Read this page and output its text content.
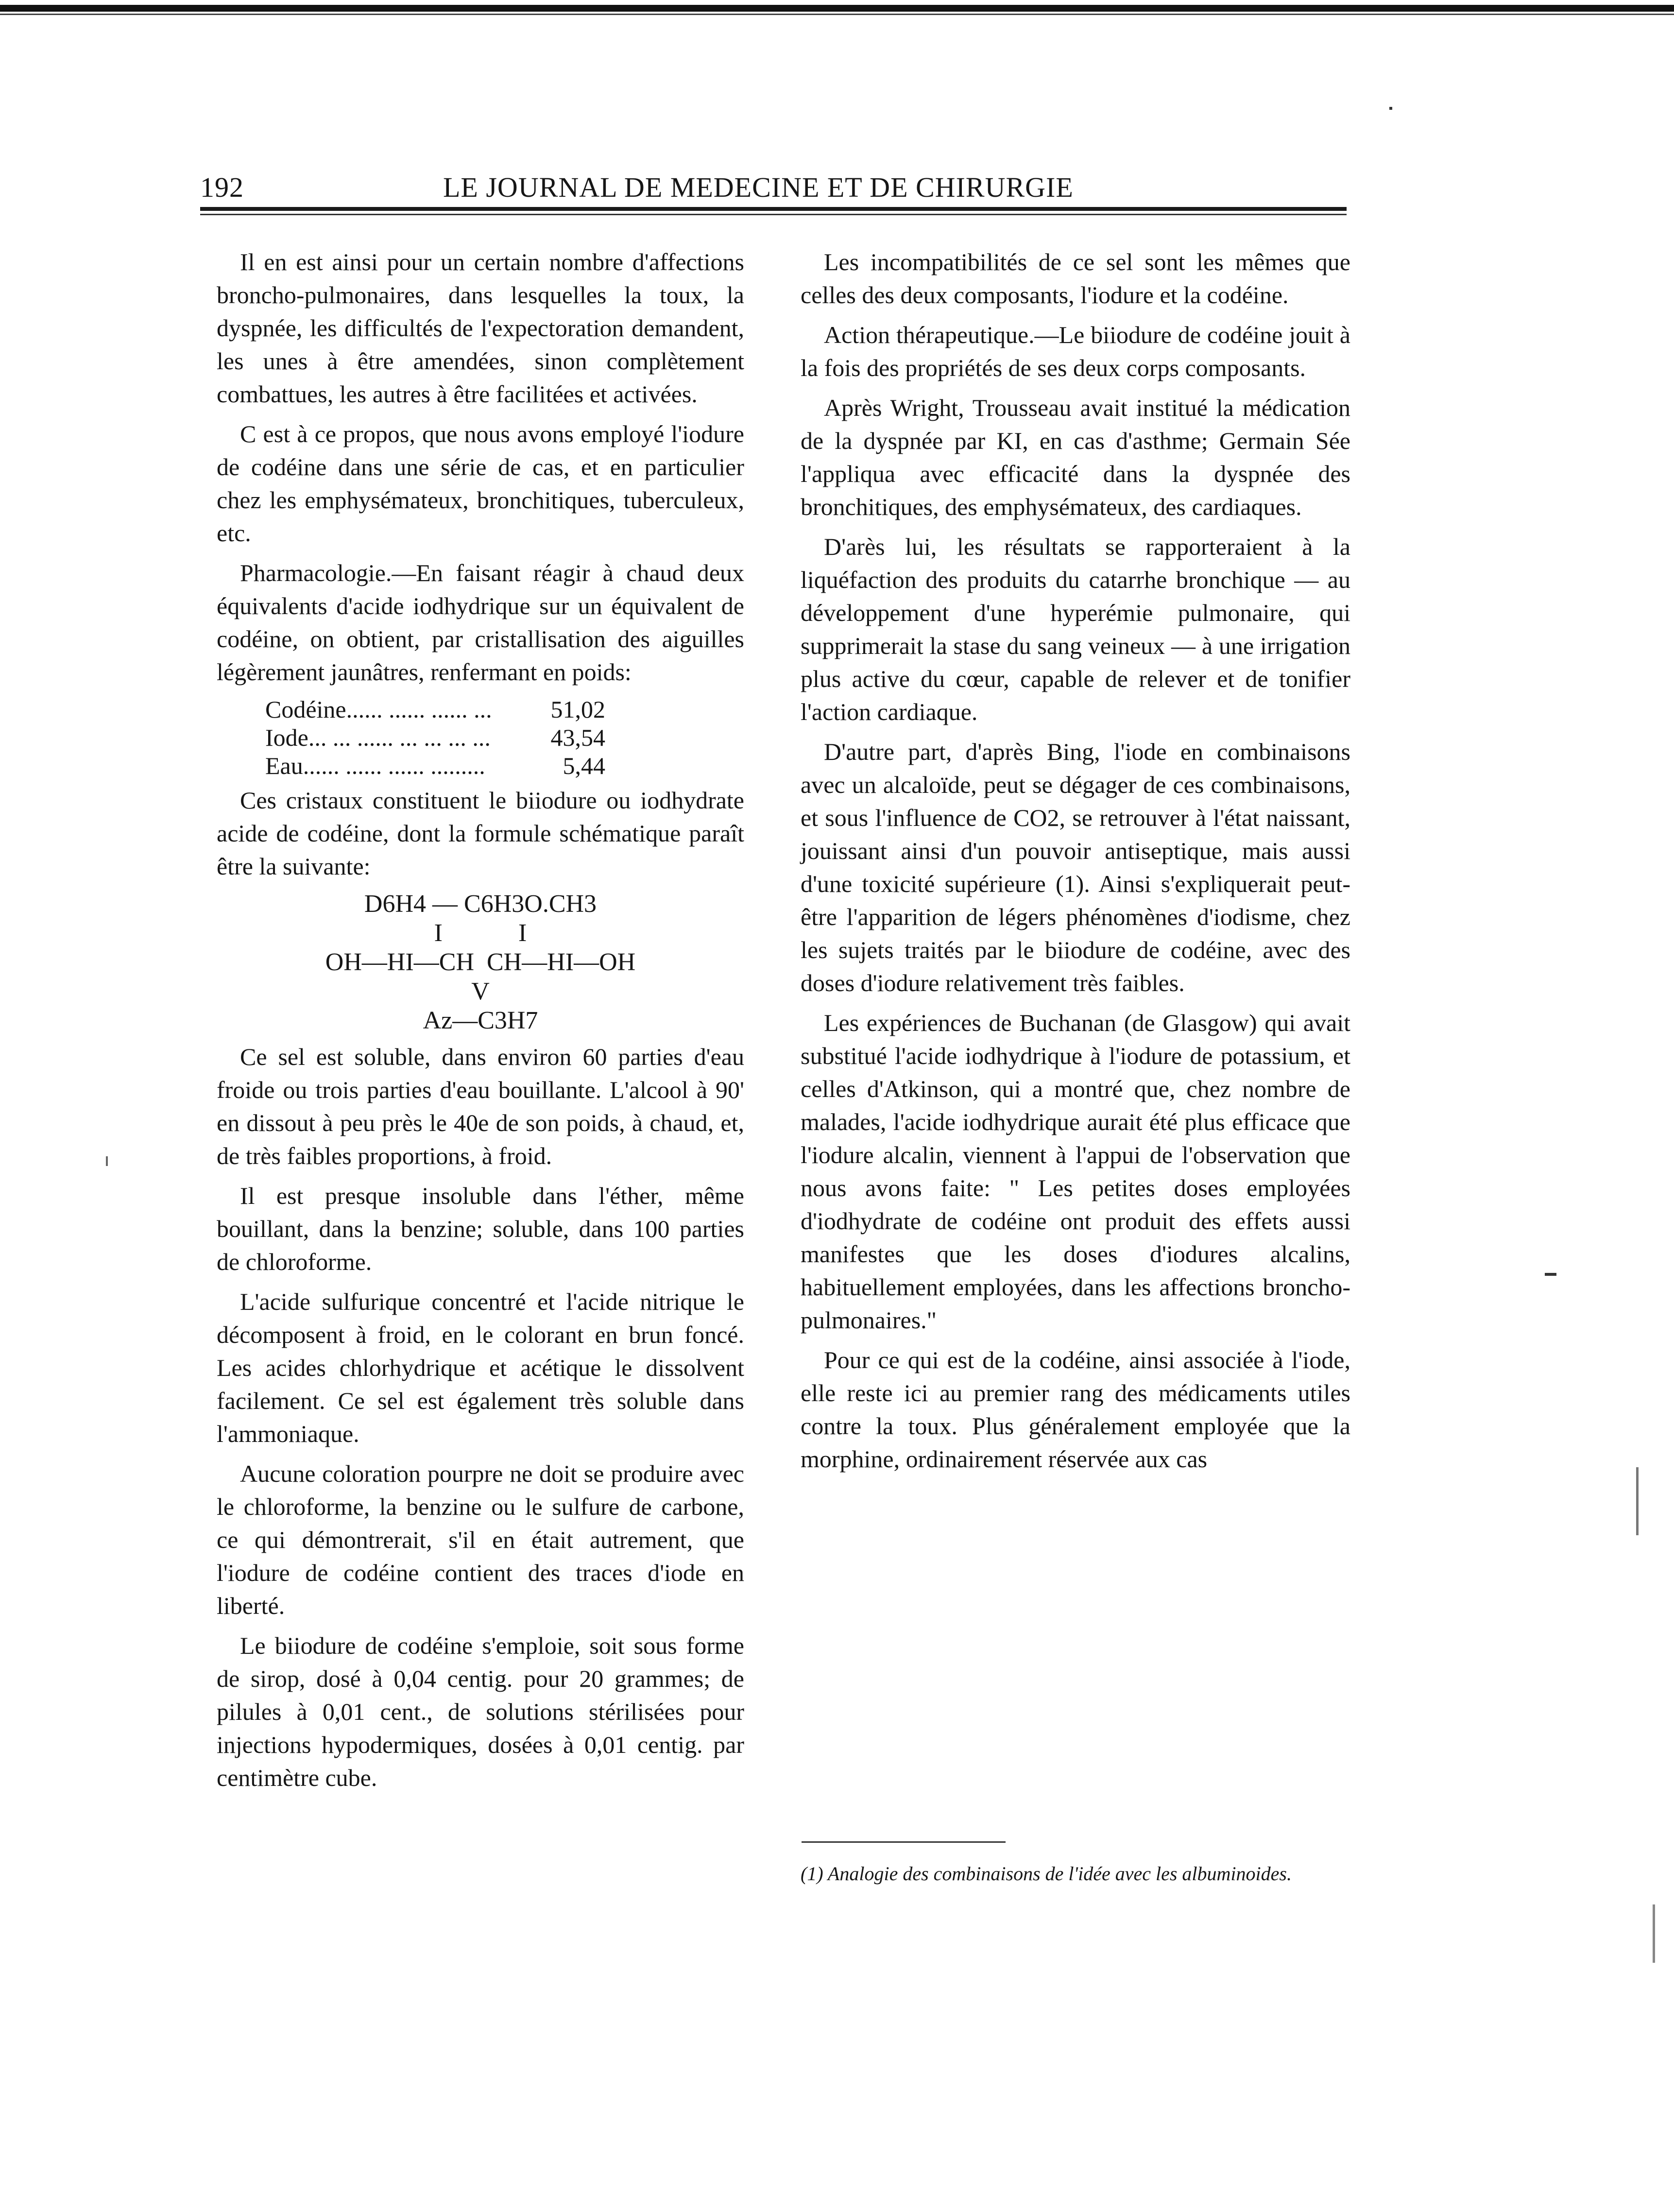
192	LE JOURNAL DE MEDECINE ET DE CHIRURGIE

Il en est ainsi pour un certain nombre d'affections broncho-pulmonaires, dans lesquelles la toux, la dyspnée, les difficultés de l'expectoration demandent, les unes à être amendées, sinon complètement combattues, les autres à être facilitées et activées.

C est à ce propos, que nous avons employé l'iodure de codéine dans une série de cas, et en particulier chez les emphysémateux, bronchitiques, tuberculeux, etc.

Pharmacologie.—En faisant réagir à chaud deux équivalents d'acide iodhydrique sur un équivalent de codéine, on obtient, par cristallisation des aiguilles légèrement jaunâtres, renfermant en poids:

Codéine...... ...... ...... ... 51,02
Iode... ... ...... ... ... ... ... 43,54
Eau...... ...... ...... .........	5,44

Ces cristaux constituent le biiodure ou iodhydrate acide de codéine, dont la formule schématique paraît être la suivante:

D6H4 — C6H3O.CH3
I            I
OH—HI—CH  CH—HI—OH
V
Az—C3H7

Ce sel est soluble, dans environ 60 parties d'eau froide ou trois parties d'eau bouillante. L'alcool à 90' en dissout à peu près le 40e de son poids, à chaud, et, de très faibles proportions, à froid.

Il est presque insoluble dans l'éther, même bouillant, dans la benzine; soluble, dans 100 parties de chloroforme.

L'acide sulfurique concentré et l'acide nitrique le décomposent à froid, en le colorant en brun foncé. Les acides chlorhydrique et acétique le dissolvent facilement. Ce sel est également très soluble dans l'ammoniaque.

Aucune coloration pourpre ne doit se produire avec le chloroforme, la benzine ou le sulfure de carbone, ce qui démontrerait, s'il en était autrement, que l'iodure de codéine contient des traces d'iode en liberté.

Le biiodure de codéine s'emploie, soit sous forme de sirop, dosé à 0,04 centig. pour 20 grammes; de pilules à 0,01 cent., de solutions stérilisées pour injections hypodermiques, dosées à 0,01 centig. par centimètre cube.

Les incompatibilités de ce sel sont les mêmes que celles des deux composants, l'iodure et la codéine.

Action thérapeutique.—Le biiodure de codéine jouit à la fois des propriétés de ses deux corps composants.

Après Wright, Trousseau avait institué la médication de la dyspnée par KI, en cas d'asthme; Germain Sée l'appliqua avec efficacité dans la dyspnée des bronchitiques, des emphysémateux, des cardiaques.

D'arès lui, les résultats se rapporteraient à la liquéfaction des produits du catarrhe bronchique — au développement d'une hyperémie pulmonaire, qui supprimerait la stase du sang veineux — à une irrigation plus active du cœur, capable de relever et de tonifier l'action cardiaque.

D'autre part, d'après Bing, l'iode en combinaisons avec un alcaloïde, peut se dégager de ces combinaisons, et sous l'influence de CO2, se retrouver à l'état naissant, jouissant ainsi d'un pouvoir antiseptique, mais aussi d'une toxicité supérieure (1). Ainsi s'expliquerait peut-être l'apparition de légers phénomènes d'iodisme, chez les sujets traités par le biiodure de codéine, avec des doses d'iodure relativement très faibles.

Les expériences de Buchanan (de Glasgow) qui avait substitué l'acide iodhydrique à l'iodure de potassium, et celles d'Atkinson, qui a montré que, chez nombre de malades, l'acide iodhydrique aurait été plus efficace que l'iodure alcalin, viennent à l'appui de l'observation que nous avons faite: " Les petites doses employées d'iodhydrate de codéine ont produit des effets aussi manifestes que les doses d'iodures alcalins, habituellement employées, dans les affections broncho-pulmonaires."

Pour ce qui est de la codéine, ainsi associée à l'iode, elle reste ici au premier rang des médicaments utiles contre la toux. Plus généralement employée que la morphine, ordinairement réservée aux cas

(1) Analogie des combinaisons de l'idée avec les albuminoides.
